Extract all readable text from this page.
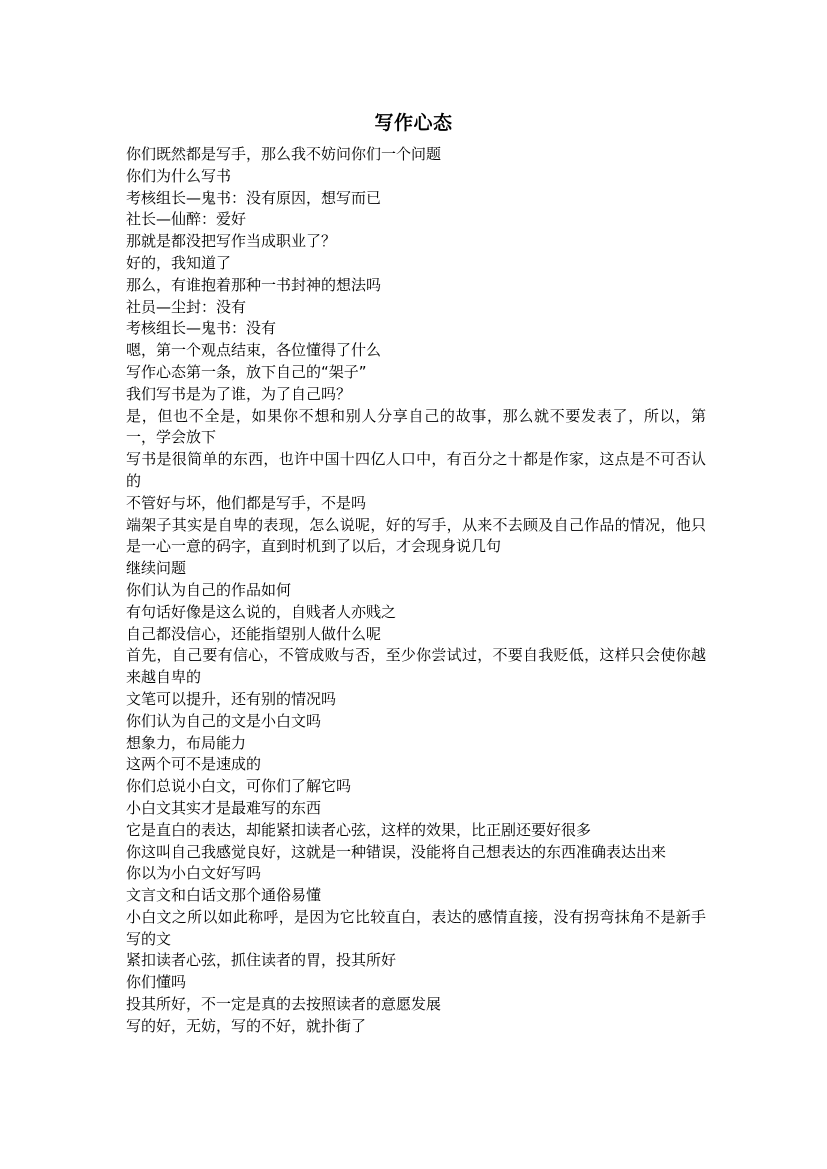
写作心态
你们既然都是写手，那么我不妨问你们一个问题
你们为什么写书
考核组长—鬼书：没有原因，想写而已
社长—仙醉：爱好
那就是都没把写作当成职业了？
好的，我知道了
那么，有谁抱着那种一书封神的想法吗
社员—尘封：没有
考核组长—鬼书：没有
嗯，第一个观点结束，各位懂得了什么
写作心态第一条，放下自己的“架子”
我们写书是为了谁，为了自己吗？
是，但也不全是，如果你不想和别人分享自己的故事，那么就不要发表了，所以，第一，学会放下
写书是很简单的东西，也许中国十四亿人口中，有百分之十都是作家，这点是不可否认的
不管好与坏，他们都是写手，不是吗
端架子其实是自卑的表现，怎么说呢，好的写手，从来不去顾及自己作品的情况，他只是一心一意的码字，直到时机到了以后，才会现身说几句
继续问题
你们认为自己的作品如何
有句话好像是这么说的，自贱者人亦贱之
自己都没信心，还能指望别人做什么呢
首先，自己要有信心，不管成败与否，至少你尝试过，不要自我贬低，这样只会使你越来越自卑的
文笔可以提升，还有别的情况吗
你们认为自己的文是小白文吗
想象力，布局能力
这两个可不是速成的
你们总说小白文，可你们了解它吗
小白文其实才是最难写的东西
它是直白的表达，却能紧扣读者心弦，这样的效果，比正剧还要好很多
你这叫自己我感觉良好，这就是一种错误，没能将自己想表达的东西准确表达出来
你以为小白文好写吗
文言文和白话文那个通俗易懂
小白文之所以如此称呼，是因为它比较直白，表达的感情直接，没有拐弯抹角不是新手写的文
紧扣读者心弦，抓住读者的胃，投其所好
你们懂吗
投其所好，不一定是真的去按照读者的意愿发展
写的好，无妨，写的不好，就扑街了
